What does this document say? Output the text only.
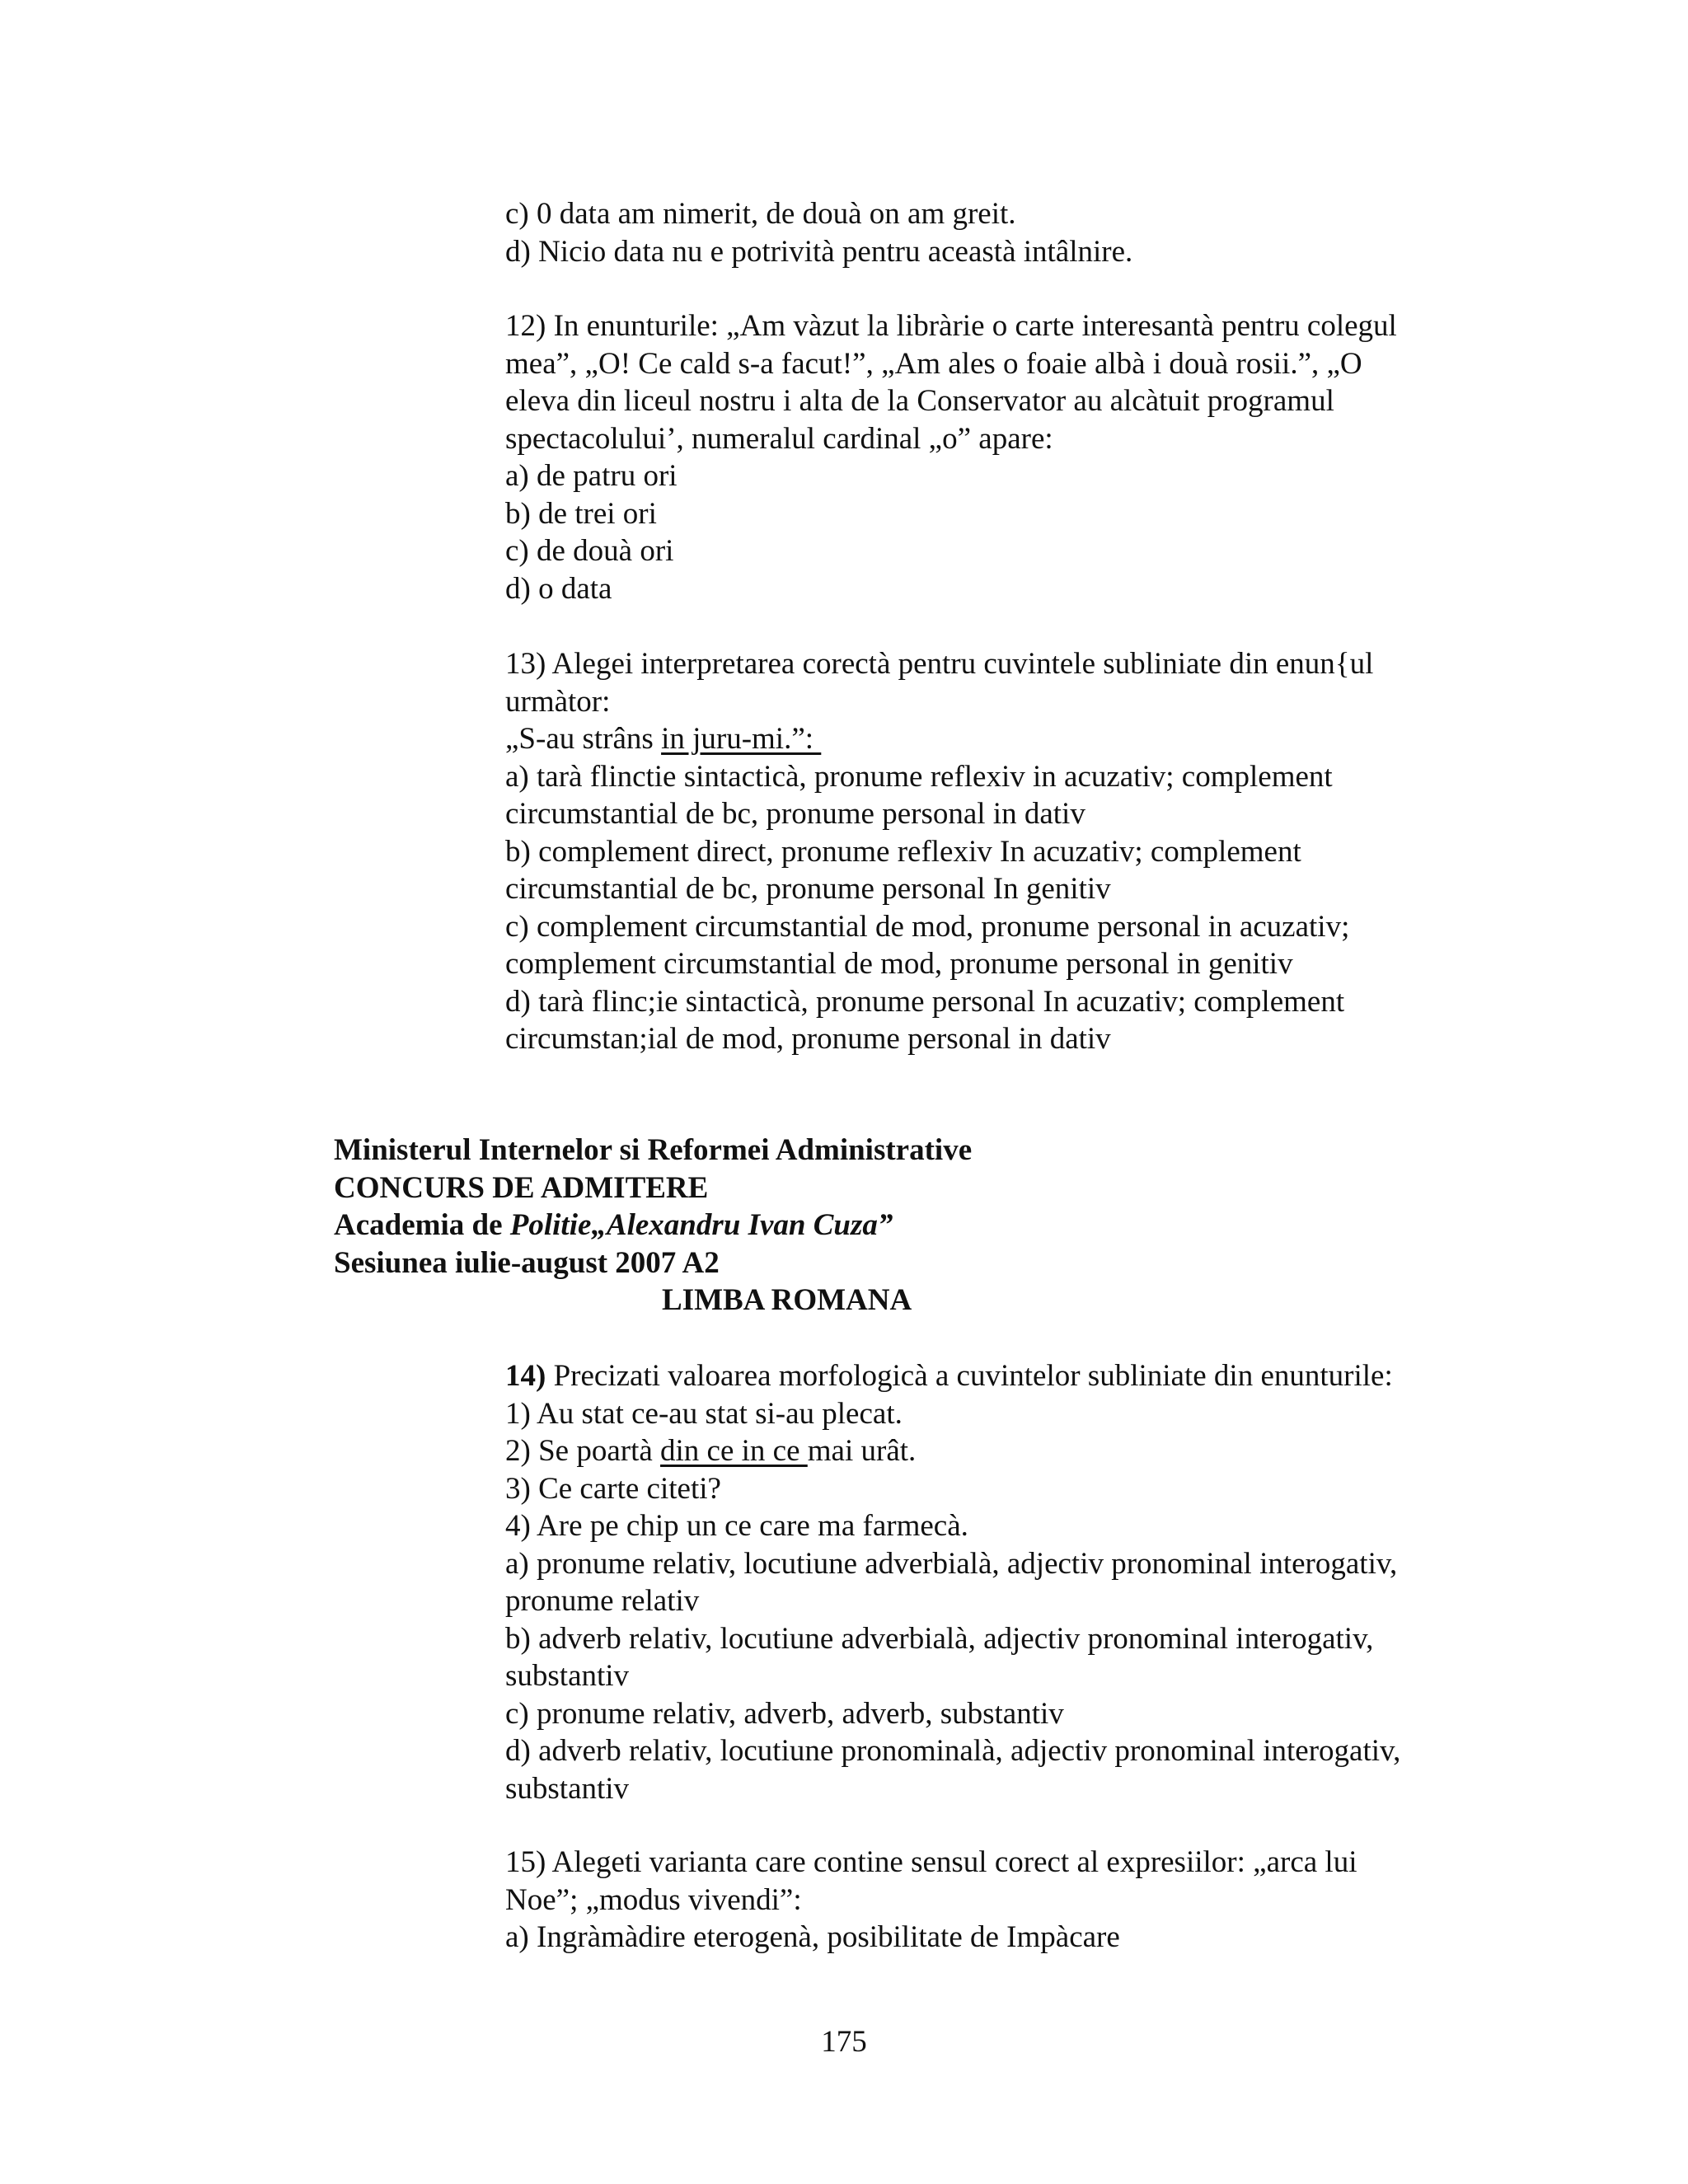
c) 0 data am nimerit, de douà on am greit.
d) Nicio data nu e potrività pentru aceastà intâlnire.
12) In enunturile: „Am vàzut la libràrie o carte interesantà pentru colegul
mea”, „O! Ce cald s-a facut!”, „Am ales o foaie albà i douà rosii.”, „O
eleva din liceul nostru i alta de la Conservator au alcàtuit programul
spectacolului’, numeralul cardinal „o” apare:
a) de patru ori
b) de trei ori
c) de douà ori
d) o data
13) Alegei interpretarea corectà pentru cuvintele subliniate din enun{ul
urmàtor:
„S-au strâns in juru-mi.”:
a) tarà flinctie sintacticà, pronume reflexiv in acuzativ; complement
circumstantial de bc, pronume personal in dativ
b) complement direct, pronume reflexiv In acuzativ; complement
circumstantial de bc, pronume personal In genitiv
c) complement circumstantial de mod, pronume personal in acuzativ;
complement circumstantial de mod, pronume personal in genitiv
d) tarà flinc;ie sintacticà, pronume personal In acuzativ; complement
circumstan;ial de mod, pronume personal in dativ
Ministerul Internelor si Reformei Administrative
CONCURS DE ADMITERE
Academia de Politie„Alexandru Ivan Cuza”
Sesiunea iulie-august 2007 A2
LIMBA ROMANA
14) Precizati valoarea morfologicà a cuvintelor subliniate din enunturile:
1) Au stat ce-au stat si-au plecat.
2) Se poartà din ce in ce mai urât.
3) Ce carte citeti?
4) Are pe chip un ce care ma farmecà.
a) pronume relativ, locutiune adverbialà, adjectiv pronominal interogativ,
pronume relativ
b) adverb relativ, locutiune adverbialà, adjectiv pronominal interogativ,
substantiv
c) pronume relativ, adverb, adverb, substantiv
d) adverb relativ, locutiune pronominalà, adjectiv pronominal interogativ,
substantiv
15) Alegeti varianta care contine sensul corect al expresiilor: „arca lui
Noe”; „modus vivendi”:
a) Ingràmàdire eterogenà, posibilitate de Impàcare
175
